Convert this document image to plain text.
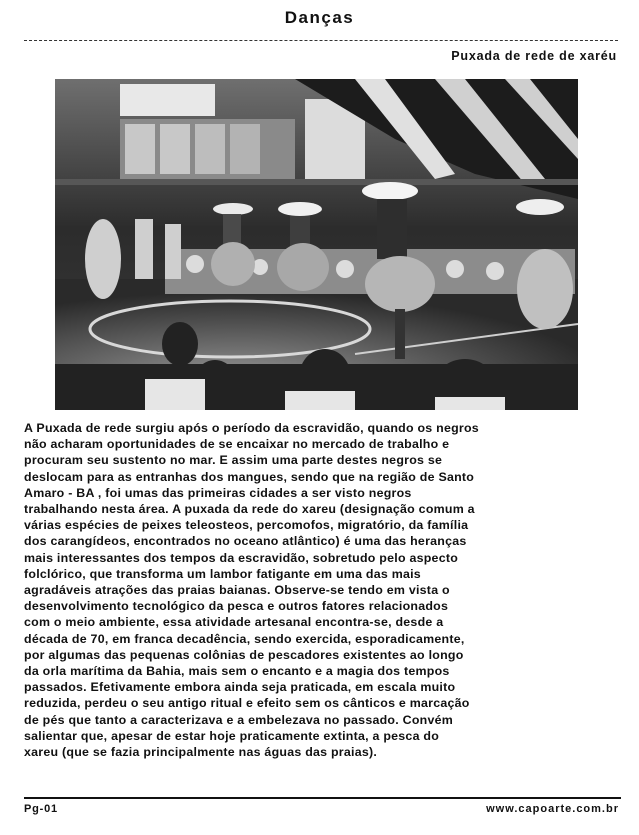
Danças
Puxada de rede de xaréu
A Puxada de rede surgiu após o período da escravidão, quando os negros
não acharam oportunidades de se encaixar no mercado de trabalho e
procuram seu sustento no mar. E assim uma parte destes negros se
deslocam para as entranhas dos mangues, sendo que na região de Santo
Amaro - BA , foi umas das primeiras cidades a ser visto negros
trabalhando nesta área. A puxada da rede do xareu (designação comum a
várias espécies de peixes teleosteos, percomofos, migratório, da família
dos carangídeos, encontrados no oceano atlântico) é uma das heranças
mais interessantes dos tempos da escravidão, sobretudo pelo aspecto
folclórico, que transforma um lambor fatigante em uma das mais
agradáveis atrações das praias baianas. Observe-se tendo em vista o
desenvolvimento tecnológico da pesca e outros fatores relacionados
com o meio ambiente, essa atividade artesanal encontra-se, desde a
década de 70, em franca decadência, sendo exercida, esporadicamente,
por algumas das pequenas colônias de pescadores existentes ao longo
da orla marítima da Bahia, mais sem o encanto e a magia dos tempos
passados. Efetivamente embora ainda seja praticada, em escala muito
reduzida, perdeu o seu antigo ritual e efeito sem os cânticos e marcação
de pés que tanto a caracterizava e a embelezava no passado. Convém
salientar que, apesar de estar hoje praticamente extinta, a pesca do
xareu (que se fazia principalmente nas águas das praias).
Pg-01	www.capoarte.com.br
